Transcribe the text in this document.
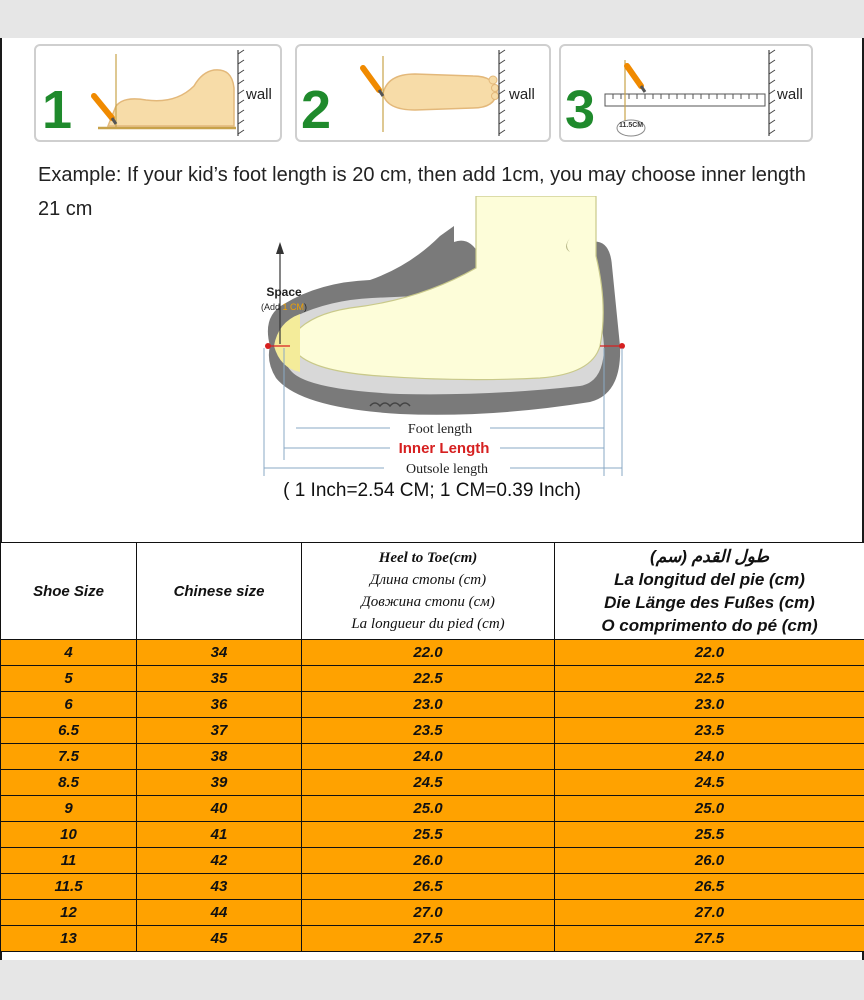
1	wall 2	wall 3	11.5CM
wall
Example: If your kid’s foot length is 20 cm, then add 1cm, you may choose inner length 21 cm
Foot length
Inner Length
Outsole length
Space
(Add 1 CM)
( 1 Inch=2.54 CM; 1 CM=0.39 Inch)
Shoe Size	Chinese size	Heel to Toe(cm)
Длина стопы (cm)
Довжина стопи (см)
La longueur du pied (cm)	(طول القدم (سم
La longitud del pie (cm)
Die Länge des Fußes (cm)
O comprimento do pé (cm)

4	34	22.0	22.0
5	35	22.5	22.5
6	36	23.0	23.0
6.5	37	23.5	23.5
7.5	38	24.0	24.0
8.5	39	24.5	24.5
9	40	25.0	25.0
10	41	25.5	25.5
11	42	26.0	26.0
11.5	43	26.5	26.5
12	44	27.0	27.0
13	45	27.5	27.5
